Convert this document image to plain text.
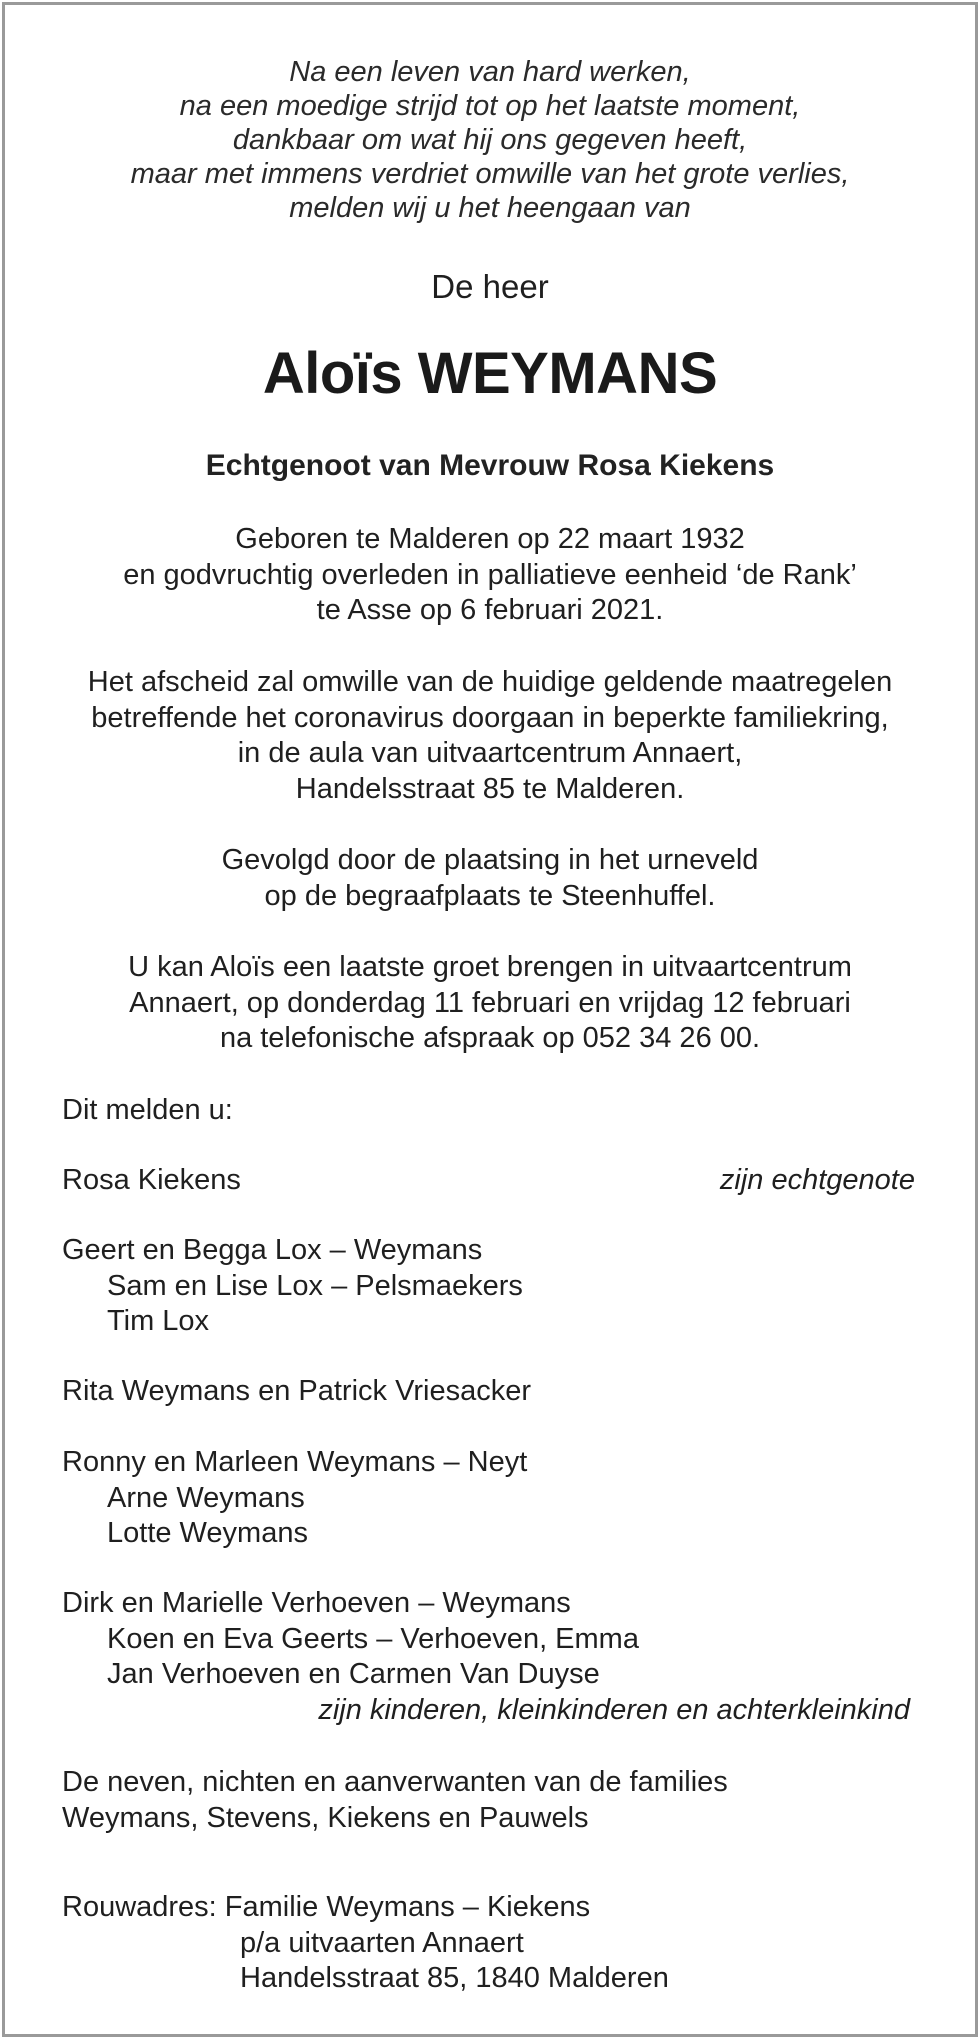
Na een leven van hard werken,
na een moedige strijd tot op het laatste moment,
dankbaar om wat hij ons gegeven heeft,
maar met immens verdriet omwille van het grote verlies,
melden wij u het heengaan van
De heer
Aloïs WEYMANS
Echtgenoot van Mevrouw Rosa Kiekens
Geboren te Malderen op 22 maart 1932
en godvruchtig overleden in palliatieve eenheid ‘de Rank’
te Asse op 6 februari 2021.
Het afscheid zal omwille van de huidige geldende maatregelen
betreffende het coronavirus doorgaan in beperkte familiekring,
in de aula van uitvaartcentrum Annaert,
Handelsstraat 85 te Malderen.
Gevolgd door de plaatsing in het urneveld
op de begraafplaats te Steenhuffel.
U kan Aloïs een laatste groet brengen in uitvaartcentrum
Annaert, op donderdag 11 februari en vrijdag 12 februari
na telefonische afspraak op 052 34 26 00.
Dit melden u:
Rosa Kiekens	zijn echtgenote
Geert en Begga Lox – Weymans
Sam en Lise Lox – Pelsmaekers
Tim Lox
Rita Weymans en Patrick Vriesacker
Ronny en Marleen Weymans – Neyt
Arne Weymans
Lotte Weymans
Dirk en Marielle Verhoeven – Weymans
Koen en Eva Geerts – Verhoeven, Emma
Jan Verhoeven en Carmen Van Duyse
zijn kinderen, kleinkinderen en achterkleinkind
De neven, nichten en aanverwanten van de families
Weymans, Stevens, Kiekens en Pauwels
Rouwadres: Familie Weymans – Kiekens
p/a uitvaarten Annaert
Handelsstraat 85, 1840 Malderen
